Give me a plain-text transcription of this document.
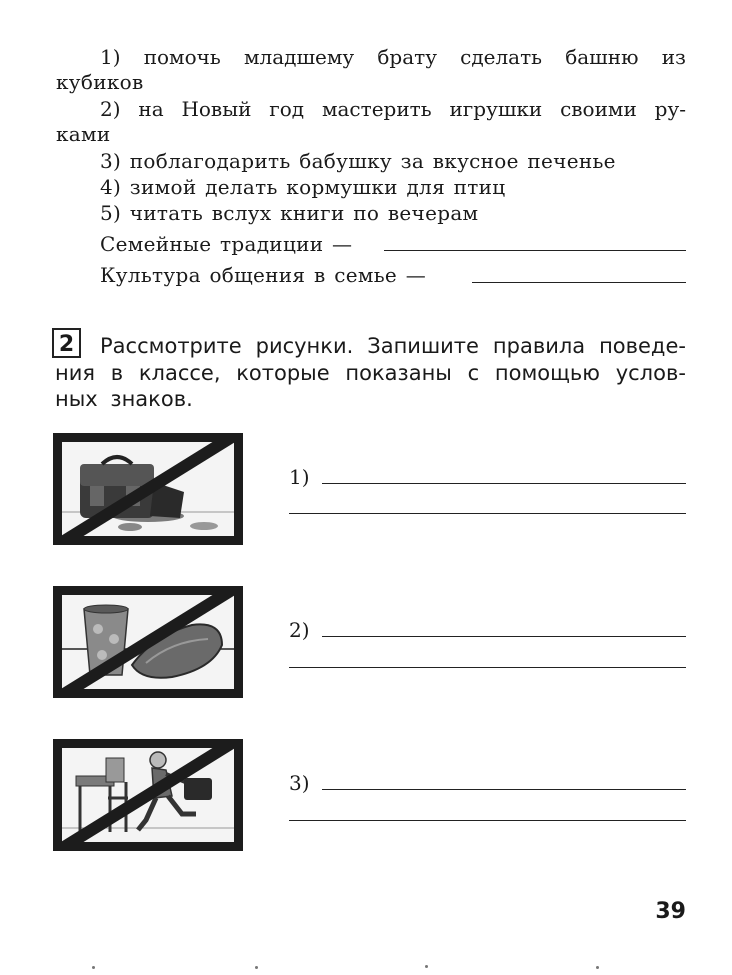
1) помочь младшему брату сделать башню из
кубиков
2) на Новый год мастерить игрушки своими ру-
ками
3) поблагодарить бабушку за вкусное печенье
4) зимой делать кормушки для птиц
5) читать вслух книги по вечерам
Семейные традиции —
Культура общения в семье —
2	Рассмотрите рисунки. Запишите правила поведе-
ния в классе, которые показаны с помощью услов-
ных знаков.
1)
2)
3)
39
